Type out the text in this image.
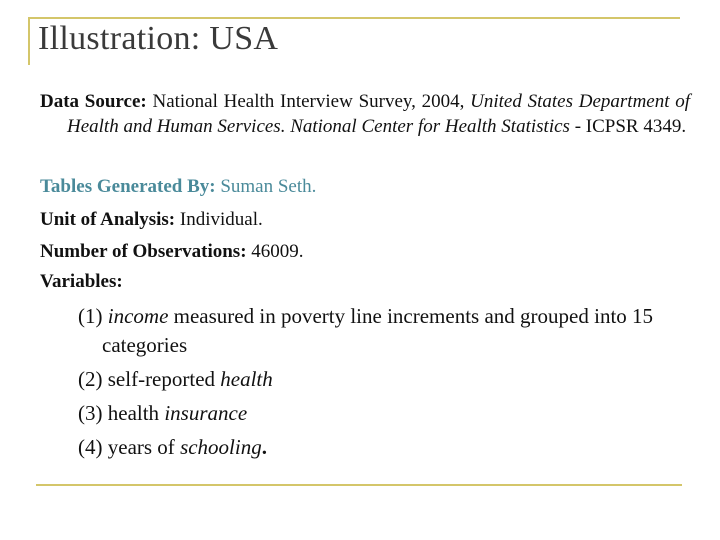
Illustration: USA
Data Source: National Health Interview Survey, 2004, United States Department of Health and Human Services. National Center for Health Statistics - ICPSR 4349.
Tables Generated By: Suman Seth.
Unit of Analysis: Individual.
Number of Observations: 46009.
Variables:
(1) income measured in poverty line increments and grouped into 15 categories
(2) self-reported health
(3) health insurance
(4) years of schooling.
